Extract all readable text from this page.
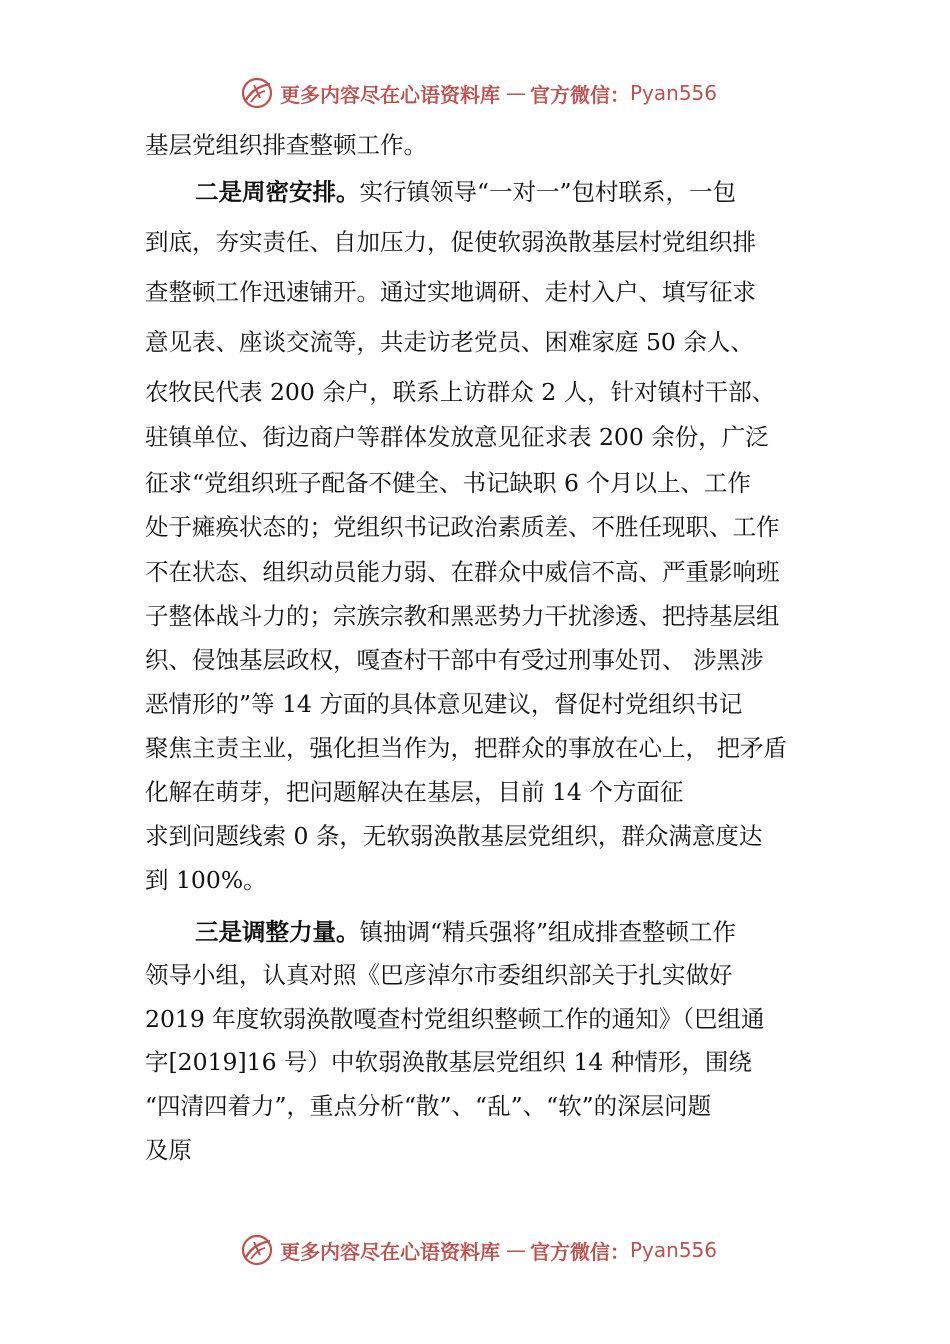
更多内容尽在心语资料库 — 官方微信： Pyan556
基层党组织排查整顿工作。
二是周密安排。实行镇领导“一对一”包村联系，一包
到底，夯实责任、自加压力，促使软弱涣散基层村党组织排
查整顿工作迅速铺开。通过实地调研、走村入户、填写征求
意见表、座谈交流等，共走访老党员、困难家庭 50 余人、
农牧民代表 200 余户，联系上访群众 2 人，针对镇村干部、
驻镇单位、街边商户等群体发放意见征求表 200 余份，广泛
征求“党组织班子配备不健全、书记缺职 6 个月以上、工作
处于瘫痪状态的；党组织书记政治素质差、不胜任现职、工作
不在状态、组织动员能力弱、在群众中威信不高、严重影响班
子整体战斗力的；宗族宗教和黑恶势力干扰渗透、把持基层组
织、侵蚀基层政权，嘎查村干部中有受过刑事处罚、 涉黑涉
恶情形的”等 14 方面的具体意见建议，督促村党组织书记
聚焦主责主业，强化担当作为，把群众的事放在心上， 把矛盾
化解在萌芽，把问题解决在基层，目前 14 个方面征
求到问题线索 0 条，无软弱涣散基层党组织，群众满意度达
到 100%。
三是调整力量。镇抽调“精兵强将”组成排查整顿工作
领导小组，认真对照《巴彦淖尔市委组织部关于扎实做好
2019 年度软弱涣散嘎查村党组织整顿工作的通知》（巴组通
字[2019]16 号）中软弱涣散基层党组织 14 种情形，围绕
“四清四着力”，重点分析“散”、“乱”、“软”的深层问题
及原
更多内容尽在心语资料库 — 官方微信： Pyan556
